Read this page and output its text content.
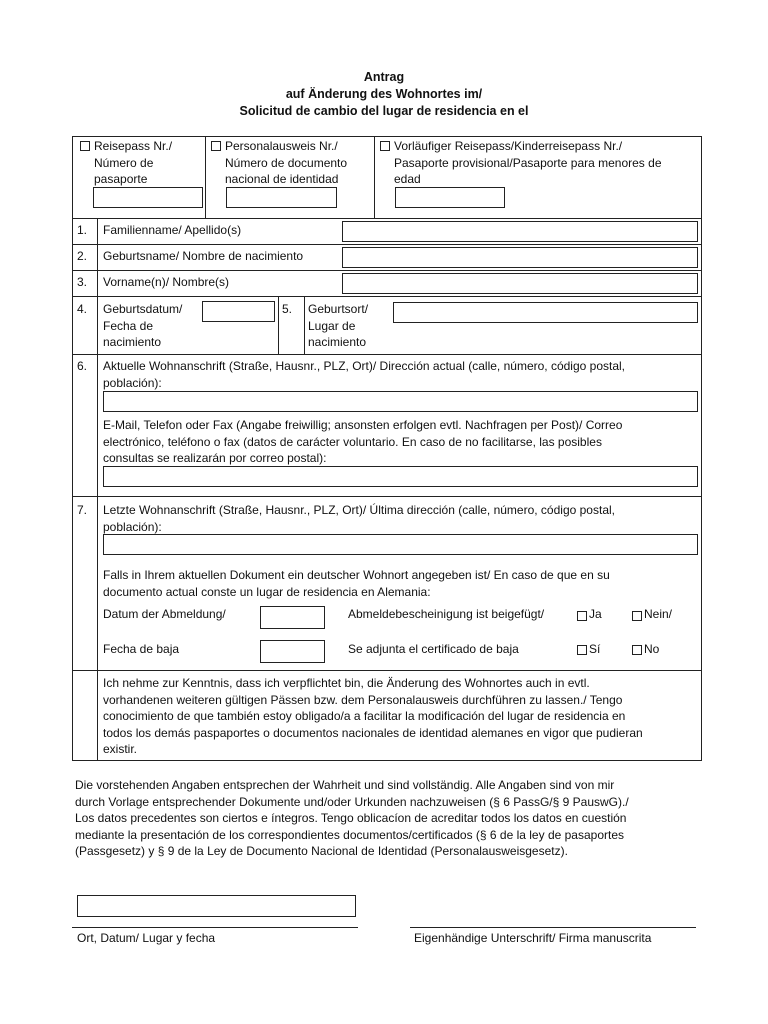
Antrag
auf Änderung des Wohnortes im/
Solicitud de cambio del lugar de residencia en el
Reisepass Nr./
Número de
pasaporte
Personalausweis Nr./
Número de documento
nacional de identidad
Vorläufiger Reisepass/Kinderreisepass Nr./
Pasaporte provisional/Pasaporte para menores de
edad
1. Familienname/ Apellido(s)
2. Geburtsname/ Nombre de nacimiento
3. Vorname(n)/ Nombre(s)
4. Geburtsdatum/
Fecha de
nacimiento
5. Geburtsort/
Lugar de
nacimiento
6. Aktuelle Wohnanschrift (Straße, Hausnr., PLZ, Ort)/ Dirección actual (calle, número, código postal,
población):
E-Mail, Telefon oder Fax (Angabe freiwillig; ansonsten erfolgen evtl. Nachfragen per Post)/ Correo
electrónico, teléfono o fax (datos de carácter voluntario. En caso de no facilitarse, las posibles
consultas se realizarán por correo postal):
7. Letzte Wohnanschrift (Straße, Hausnr., PLZ, Ort)/ Última dirección (calle, número, código postal,
población):
Falls in Ihrem aktuellen Dokument ein deutscher Wohnort angegeben ist/ En caso de que en su
documento actual conste un lugar de residencia en Alemania:
Datum der Abmeldung/	Abmeldebescheinigung ist beigefügt/	Ja	Nein/
Fecha de baja	Se adjunta el certificado de baja	Sí	No
Ich nehme zur Kenntnis, dass ich verpflichtet bin, die Änderung des Wohnortes auch in evtl.
vorhandenen weiteren gültigen Pässen bzw. dem Personalausweis durchführen zu lassen./ Tengo
conocimiento de que también estoy obligado/a a facilitar la modificación del lugar de residencia en
todos los demás paspaportes o documentos nacionales de identidad alemanes en vigor que pudieran
existir.
Die vorstehenden Angaben entsprechen der Wahrheit und sind vollständig. Alle Angaben sind von mir
durch Vorlage entsprechender Dokumente und/oder Urkunden nachzuweisen (§ 6 PassG/§ 9 PauswG)./
Los datos precedentes son ciertos e íntegros. Tengo oblicacíon de acreditar todos los datos en cuestión
mediante la presentación de los correspondientes documentos/certificados (§ 6 de la ley de pasaportes
(Passgesetz) y § 9 de la Ley de Documento Nacional de Identidad (Personalausweisgesetz).
Ort, Datum/ Lugar y fecha	Eigenhändige Unterschrift/ Firma manuscrita
